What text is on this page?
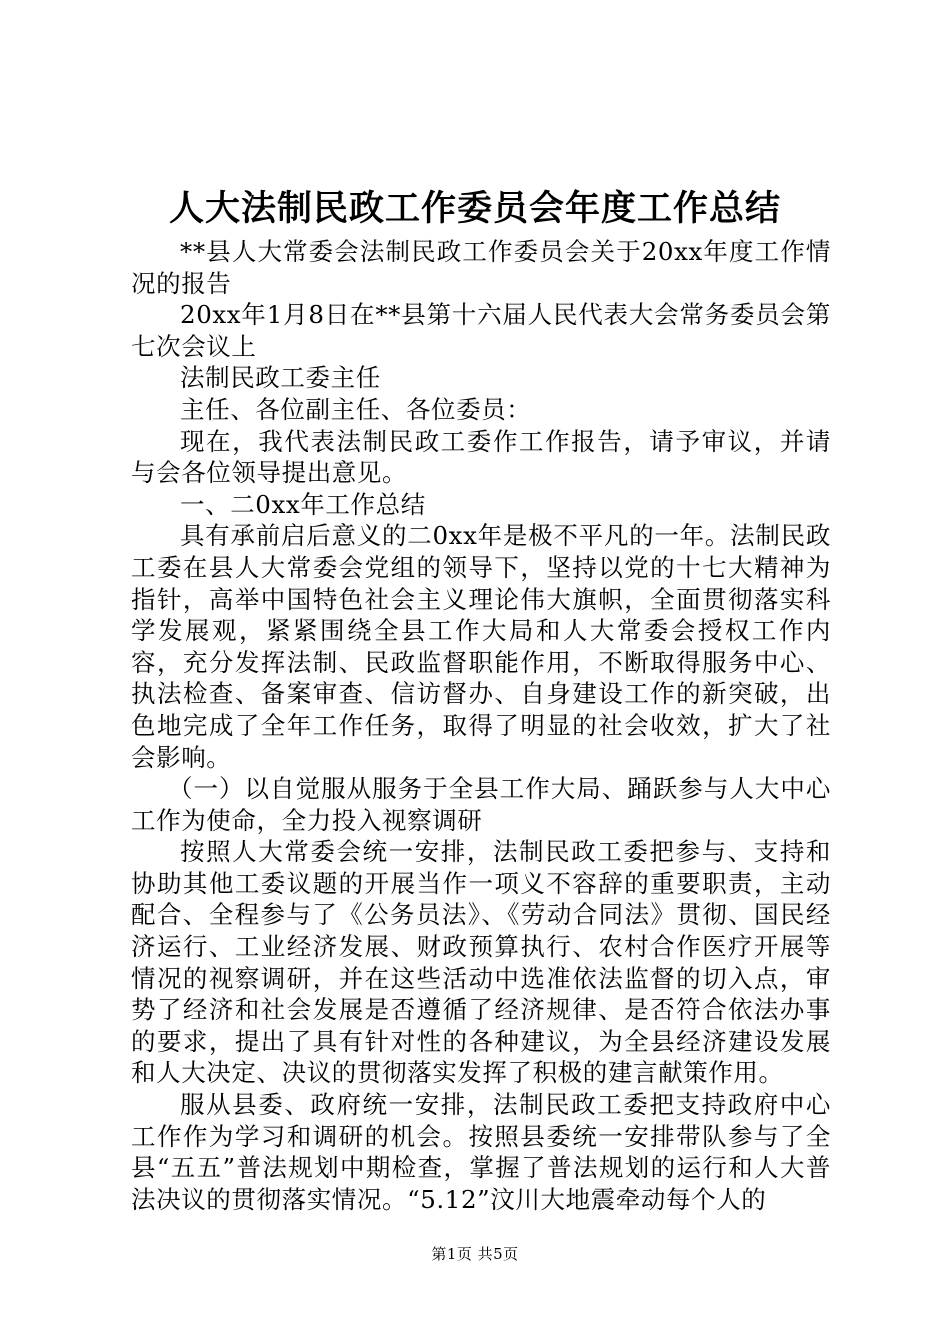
人大法制民政工作委员会年度工作总结

**县人大常委会法制民政工作委员会关于20xx年度工作情况的报告

20xx年1月8日在**县第十六届人民代表大会常务委员会第七次会议上

法制民政工委主任

主任、各位副主任、各位委员：

现在，我代表法制民政工委作工作报告，请予审议，并请与会各位领导提出意见。

一、二0xx年工作总结

具有承前启后意义的二0xx年是极不平凡的一年。法制民政工委在县人大常委会党组的领导下，坚持以党的十七大精神为指针，高举中国特色社会主义理论伟大旗帜，全面贯彻落实科学发展观，紧紧围绕全县工作大局和人大常委会授权工作内容，充分发挥法制、民政监督职能作用，不断取得服务中心、执法检查、备案审查、信访督办、自身建设工作的新突破，出色地完成了全年工作任务，取得了明显的社会收效，扩大了社会影响。

（一）以自觉服从服务于全县工作大局、踊跃参与人大中心工作为使命，全力投入视察调研

按照人大常委会统一安排，法制民政工委把参与、支持和协助其他工委议题的开展当作一项义不容辞的重要职责，主动配合、全程参与了《公务员法》、《劳动合同法》贯彻、国民经济运行、工业经济发展、财政预算执行、农村合作医疗开展等情况的视察调研，并在这些活动中选准依法监督的切入点，审势了经济和社会发展是否遵循了经济规律、是否符合依法办事的要求，提出了具有针对性的各种建议，为全县经济建设发展和人大决定、决议的贯彻落实发挥了积极的建言献策作用。

服从县委、政府统一安排，法制民政工委把支持政府中心工作作为学习和调研的机会。按照县委统一安排带队参与了全县“五五”普法规划中期检查，掌握了普法规划的运行和人大普法决议的贯彻落实情况。“5.12”汶川大地震牵动每个人的

第1页 共5页
